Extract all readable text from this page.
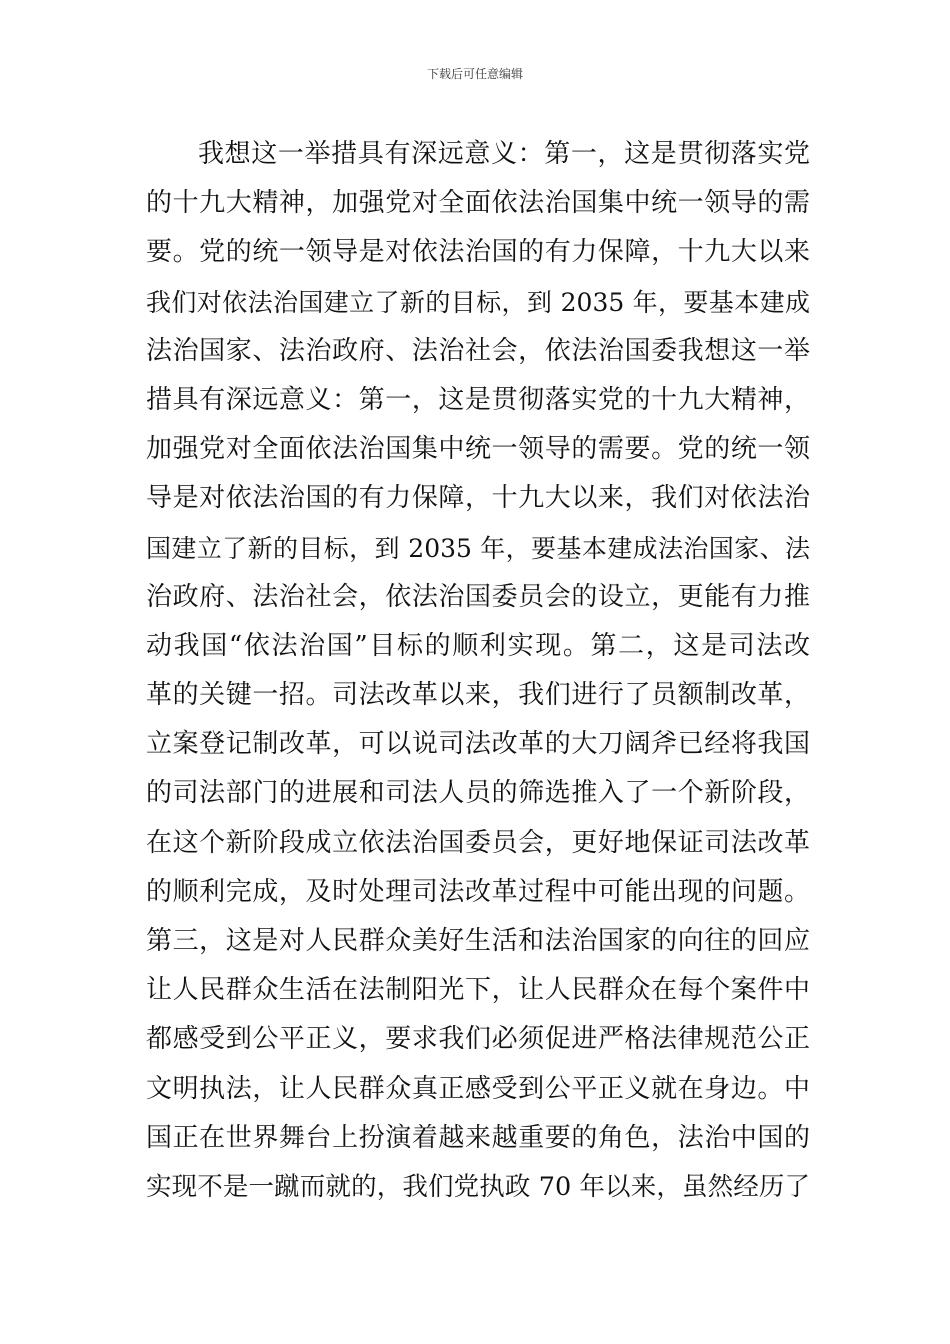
下载后可任意编辑
我想这一举措具有深远意义：第一，这是贯彻落实党
的十九大精神，加强党对全面依法治国集中统一领导的需
要。党的统一领导是对依法治国的有力保障，十九大以来
我们对依法治国建立了新的目标，到 2035 年，要基本建成
法治国家、法治政府、法治社会，依法治国委我想这一举
措具有深远意义：第一，这是贯彻落实党的十九大精神，
加强党对全面依法治国集中统一领导的需要。党的统一领
导是对依法治国的有力保障，十九大以来，我们对依法治
国建立了新的目标，到 2035 年，要基本建成法治国家、法
治政府、法治社会，依法治国委员会的设立，更能有力推
动我国“依法治国”目标的顺利实现。第二，这是司法改
革的关键一招。司法改革以来，我们进行了员额制改革，
立案登记制改革，可以说司法改革的大刀阔斧已经将我国
的司法部门的进展和司法人员的筛选推入了一个新阶段，
在这个新阶段成立依法治国委员会，更好地保证司法改革
的顺利完成，及时处理司法改革过程中可能出现的问题。
第三，这是对人民群众美好生活和法治国家的向往的回应
让人民群众生活在法制阳光下，让人民群众在每个案件中
都感受到公平正义，要求我们必须促进严格法律规范公正
文明执法，让人民群众真正感受到公平正义就在身边。中
国正在世界舞台上扮演着越来越重要的角色，法治中国的
实现不是一蹴而就的，我们党执政 70 年以来，虽然经历了
